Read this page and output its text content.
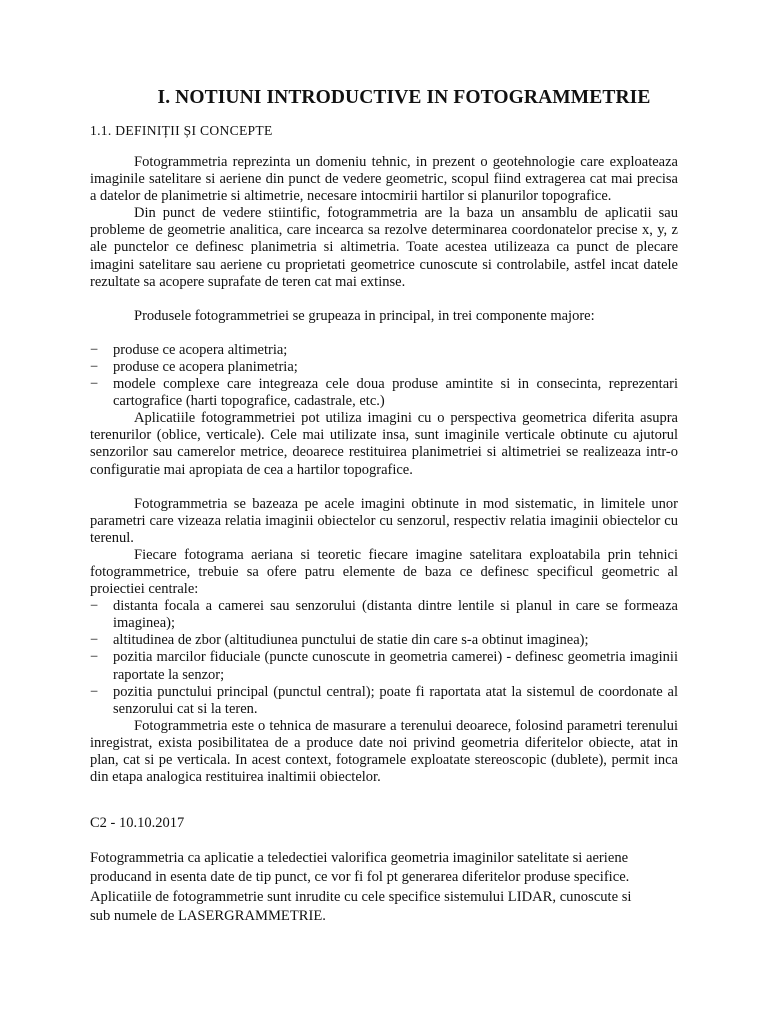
I. NOTIUNI INTRODUCTIVE IN FOTOGRAMMETRIE
1.1. DEFINIȚII ȘI CONCEPTE

Fotogrammetria reprezinta un domeniu tehnic, in prezent o geotehnologie care exploateaza imaginile satelitare si aeriene din punct de vedere geometric, scopul fiind extragerea cat mai precisa a datelor de planimetrie si altimetrie, necesare intocmirii hartilor si planurilor topografice.

Din punct de vedere stiintific, fotogrammetria are la baza un ansamblu de aplicatii sau probleme de geometrie analitica, care incearca sa rezolve determinarea coordonatelor precise x, y, z ale punctelor ce definesc planimetria si altimetria. Toate acestea utilizeaza ca punct de plecare imagini satelitare sau aeriene cu proprietati geometrice cunoscute si controlabile, astfel incat datele rezultate sa acopere suprafate de teren cat mai extinse.

Produsele fotogrammetriei se grupeaza in principal, in trei componente majore:

− produse ce acopera altimetria;
− produse ce acopera planimetria;
− modele complexe care integreaza cele doua produse amintite si in consecinta, reprezentari cartografice (harti topografice, cadastrale, etc.)

Aplicatiile fotogrammetriei pot utiliza imagini cu o perspectiva geometrica diferita asupra terenurilor (oblice, verticale). Cele mai utilizate insa, sunt imaginile verticale obtinute cu ajutorul senzorilor sau camerelor metrice, deoarece restituirea planimetriei si altimetriei se realizeaza intr-o configuratie mai apropiata de cea a hartilor topografice.

Fotogrammetria se bazeaza pe acele imagini obtinute in mod sistematic, in limitele unor parametri care vizeaza relatia imaginii obiectelor cu senzorul, respectiv relatia imaginii obiectelor cu terenul.

Fiecare fotograma aeriana si teoretic fiecare imagine satelitara exploatabila prin tehnici fotogrammetrice, trebuie sa ofere patru elemente de baza ce definesc specificul geometric al proiectiei centrale:

− distanta focala a camerei sau senzorului (distanta dintre lentile si planul in care se formeaza imaginea);
− altitudinea de zbor (altitudiunea punctului de statie din care s-a obtinut imaginea);
− pozitia marcilor fiduciale (puncte cunoscute in geometria camerei) - definesc geometria imaginii raportate la senzor;
− pozitia punctului principal (punctul central); poate fi raportata atat la sistemul de coordonate al senzorului cat si la teren.

Fotogrammetria este o tehnica de masurare a terenului deoarece, folosind parametri terenului inregistrat, exista posibilitatea de a produce date noi privind geometria diferitelor obiecte, atat in plan, cat si pe verticala. In acest context, fotogramele exploatate stereoscopic (dublete), permit inca din etapa analogica restituirea inaltimii obiectelor.

C2 - 10.10.2017

Fotogrammetria ca aplicatie a teledectiei valorifica geometria imaginilor satelitate si aeriene

producand in esenta date de tip punct, ce vor fi fol pt generarea diferitelor produse specifice.

Aplicatiile de fotogrammetrie sunt inrudite cu cele specifice sistemului LIDAR, cunoscute si

sub numele de LASERGRAMMETRIE.
